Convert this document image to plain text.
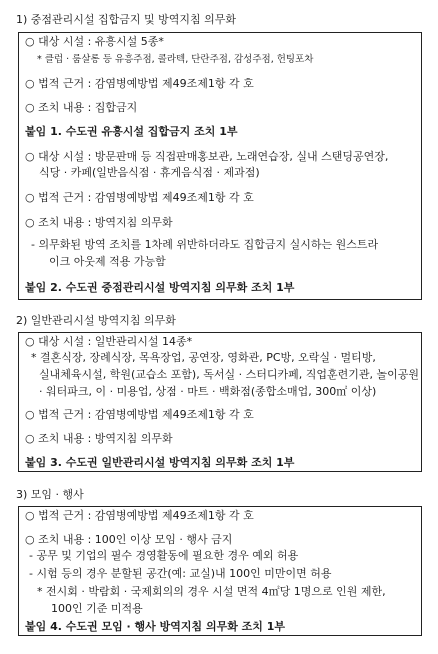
1) 중점관리시설 집합금지 및 방역지침 의무화
○ 대상 시설 : 유흥시설 5종*
* 클럽 · 룸살롱 등 유흥주점, 콜라텍, 단란주점, 감성주점, 헌팅포차
○ 법적 근거 : 감염병예방법 제49조제1항 각 호
○ 조치 내용 : 집합금지
붙임 1. 수도권 유흥시설 집합금지 조치 1부
○ 대상 시설 : 방문판매 등 직접판매홍보관, 노래연습장, 실내 스탠딩공연장,
식당 · 카페(일반음식점 · 휴게음식점 · 제과점)
○ 법적 근거 : 감염병예방법 제49조제1항 각 호
○ 조치 내용 : 방역지침 의무화
- 의무화된 방역 조치를 1차례 위반하더라도 집합금지 실시하는 원스트라
이크 아웃제 적용 가능함
붙임 2. 수도권 중점관리시설 방역지침 의무화 조치 1부
2) 일반관리시설 방역지침 의무화
○ 대상 시설 : 일반관리시설 14종*
* 결혼식장, 장례식장, 목욕장업, 공연장, 영화관, PC방, 오락실 · 멀티방,
실내체육시설, 학원(교습소 포함), 독서실 · 스터디카페, 직업훈련기관, 놀이공원
· 워터파크, 이 · 미용업, 상점 · 마트 · 백화점(종합소매업, 300㎡ 이상)
○ 법적 근거 : 감염병예방법 제49조제1항 각 호
○ 조치 내용 : 방역지침 의무화
붙임 3. 수도권 일반관리시설 방역지침 의무화 조치 1부
3) 모임 · 행사
○ 법적 근거 : 감염병예방법 제49조제1항 각 호
○ 조치 내용 : 100인 이상 모임 · 행사 금지
- 공무 및 기업의 필수 경영활동에 필요한 경우 예외 허용
- 시험 등의 경우 분할된 공간(예: 교실)내 100인 미만이면 허용
* 전시회 · 박람회 · 국제회의의 경우 시설 면적 4㎡당 1명으로 인원 제한,
100인 기준 미적용
붙임 4. 수도권 모임 · 행사 방역지침 의무화 조치 1부
